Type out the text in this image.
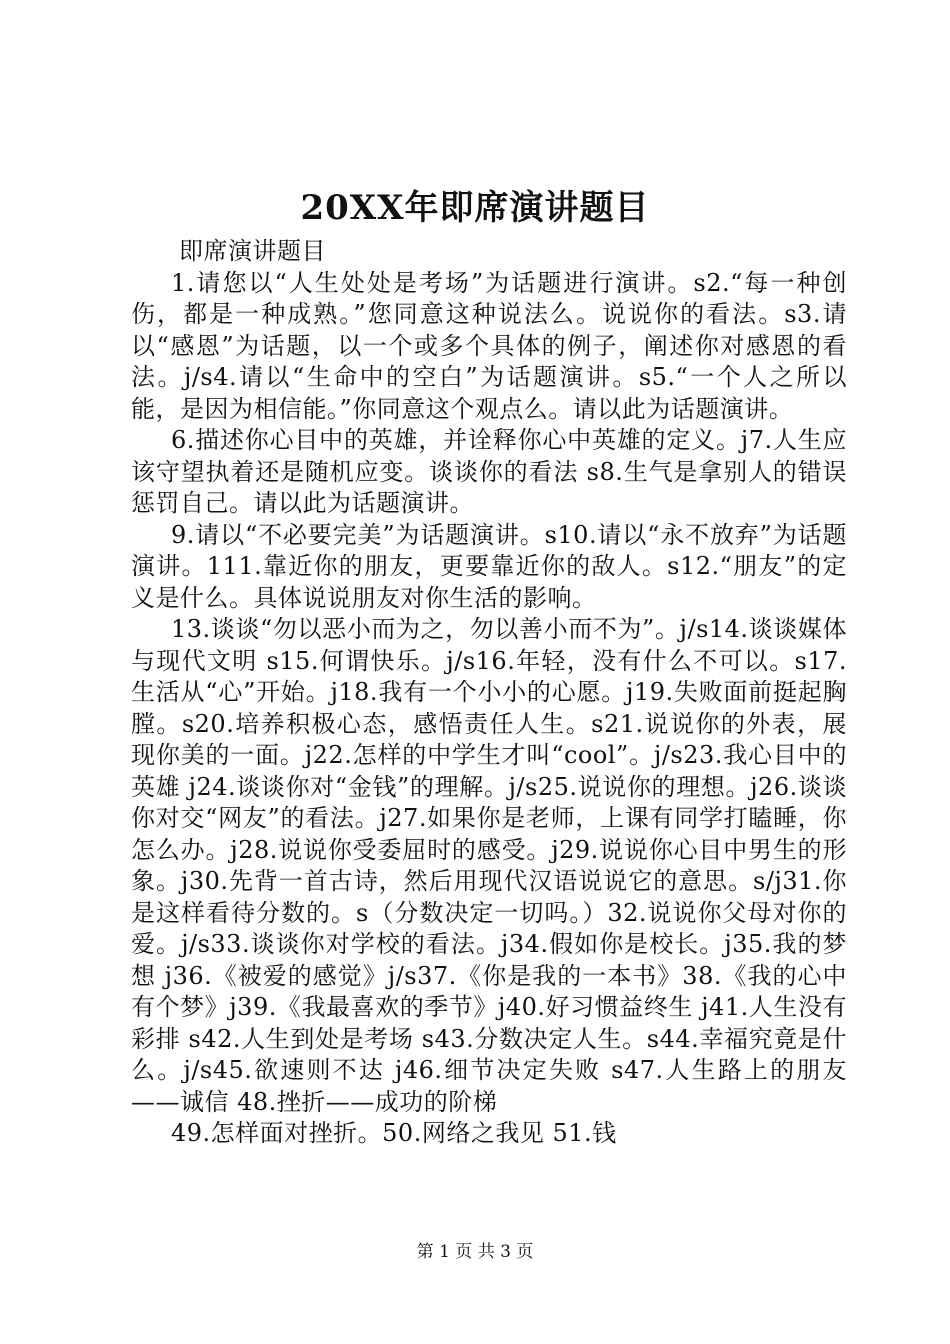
20XX年即席演讲题目

即席演讲题目

1.请您以“人生处处是考场”为话题进行演讲。s2.“每一种创伤，都是一种成熟。”您同意这种说法么。说说你的看法。s3.请以“感恩”为话题，以一个或多个具体的例子，阐述你对感恩的看法。j/s4.请以“生命中的空白”为话题演讲。s5.“一个人之所以能，是因为相信能。”你同意这个观点么。请以此为话题演讲。

6.描述你心目中的英雄，并诠释你心中英雄的定义。j7.人生应该守望执着还是随机应变。谈谈你的看法 s8.生气是拿别人的错误惩罚自己。请以此为话题演讲。

9.请以“不必要完美”为话题演讲。s10.请以“永不放弃”为话题演讲。111.靠近你的朋友，更要靠近你的敌人。s12.“朋友”的定义是什么。具体说说朋友对你生活的影响。

13.谈谈“勿以恶小而为之，勿以善小而不为”。j/s14.谈谈媒体与现代文明 s15.何谓快乐。j/s16.年轻，没有什么不可以。s17.生活从“心”开始。j18.我有一个小小的心愿。j19.失败面前挺起胸膛。s20.培养积极心态，感悟责任人生。s21.说说你的外表，展现你美的一面。j22.怎样的中学生才叫“cool”。j/s23.我心目中的英雄 j24.谈谈你对“金钱”的理解。j/s25.说说你的理想。j26.谈谈你对交“网友”的看法。j27.如果你是老师，上课有同学打瞌睡，你怎么办。j28.说说你受委屈时的感受。j29.说说你心目中男生的形象。j30.先背一首古诗，然后用现代汉语说说它的意思。s/j31.你是这样看待分数的。s（分数决定一切吗。）32.说说你父母对你的爱。j/s33.谈谈你对学校的看法。j34.假如你是校长。j35.我的梦想 j36.《被爱的感觉》j/s37.《你是我的一本书》38.《我的心中有个梦》j39.《我最喜欢的季节》j40.好习惯益终生 j41.人生没有彩排 s42.人生到处是考场 s43.分数决定人生。s44.幸福究竟是什么。j/s45.欲速则不达 j46.细节决定失败 s47.人生路上的朋友——诚信 48.挫折——成功的阶梯

49.怎样面对挫折。50.网络之我见 51.钱

第 1 页 共 3 页
